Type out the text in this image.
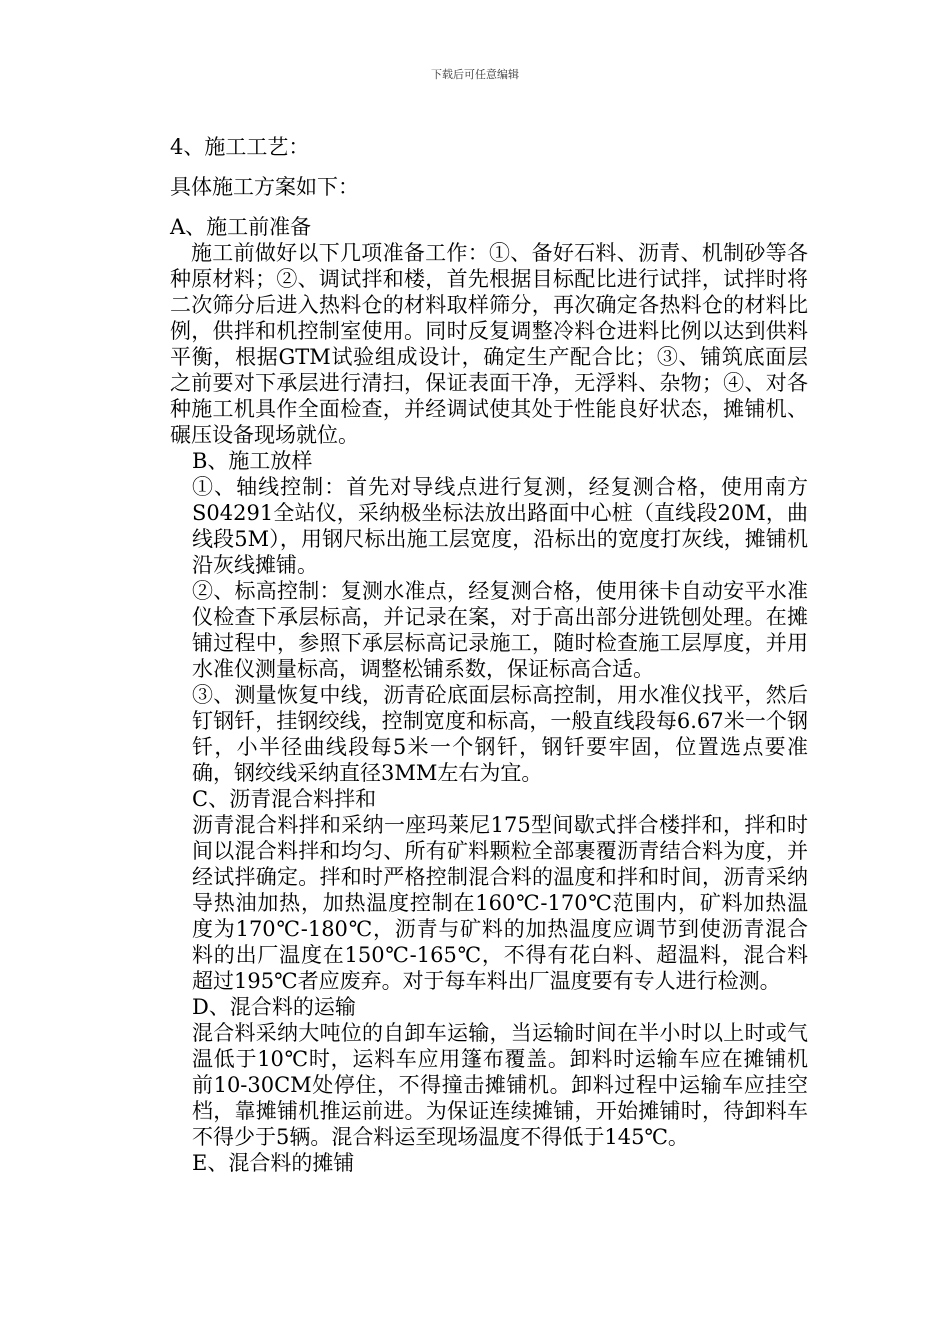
下载后可任意编辑
4、施工工艺：
具体施工方案如下：
A、施工前准备

施工前做好以下几项准备工作：①、备好石料、沥青、机制砂等各种原材料；②、调试拌和楼，首先根据目标配比进行试拌，试拌时将二次筛分后进入热料仓的材料取样筛分，再次确定各热料仓的材料比例，供拌和机控制室使用。同时反复调整冷料仓进料比例以达到供料平衡，根据GTM试验组成设计，确定生产配合比；③、铺筑底面层之前要对下承层进行清扫，保证表面干净，无浮料、杂物；④、对各种施工机具作全面检查，并经调试使其处于性能良好状态，摊铺机、碾压设备现场就位。

B、施工放样

①、轴线控制：首先对导线点进行复测，经复测合格，使用南方S04291全站仪，采纳极坐标法放出路面中心桩（直线段20M，曲线段5M），用钢尺标出施工层宽度，沿标出的宽度打灰线，摊铺机沿灰线摊铺。

②、标高控制：复测水准点，经复测合格，使用徕卡自动安平水准仪检查下承层标高，并记录在案，对于高出部分进铣刨处理。在摊铺过程中，参照下承层标高记录施工，随时检查施工层厚度，并用水准仪测量标高，调整松铺系数，保证标高合适。

③、测量恢复中线，沥青砼底面层标高控制，用水准仪找平，然后钉钢钎，挂钢绞线，控制宽度和标高，一般直线段每6.67米一个钢钎，小半径曲线段每5米一个钢钎，钢钎要牢固，位置选点要准确，钢绞线采纳直径3MM左右为宜。

C、沥青混合料拌和

沥青混合料拌和采纳一座玛莱尼175型间歇式拌合楼拌和，拌和时间以混合料拌和均匀、所有矿料颗粒全部裹覆沥青结合料为度，并经试拌确定。拌和时严格控制混合料的温度和拌和时间，沥青采纳导热油加热，加热温度控制在160℃-170℃范围内，矿料加热温度为170℃-180℃，沥青与矿料的加热温度应调节到使沥青混合料的出厂温度在150℃-165℃，不得有花白料、超温料，混合料超过195℃者应废弃。对于每车料出厂温度要有专人进行检测。

D、混合料的运输

混合料采纳大吨位的自卸车运输，当运输时间在半小时以上时或气温低于10℃时，运料车应用篷布覆盖。卸料时运输车应在摊铺机前10-30CM处停住，不得撞击摊铺机。卸料过程中运输车应挂空档，靠摊铺机推运前进。为保证连续摊铺，开始摊铺时，待卸料车不得少于5辆。混合料运至现场温度不得低于145℃。

E、混合料的摊铺
